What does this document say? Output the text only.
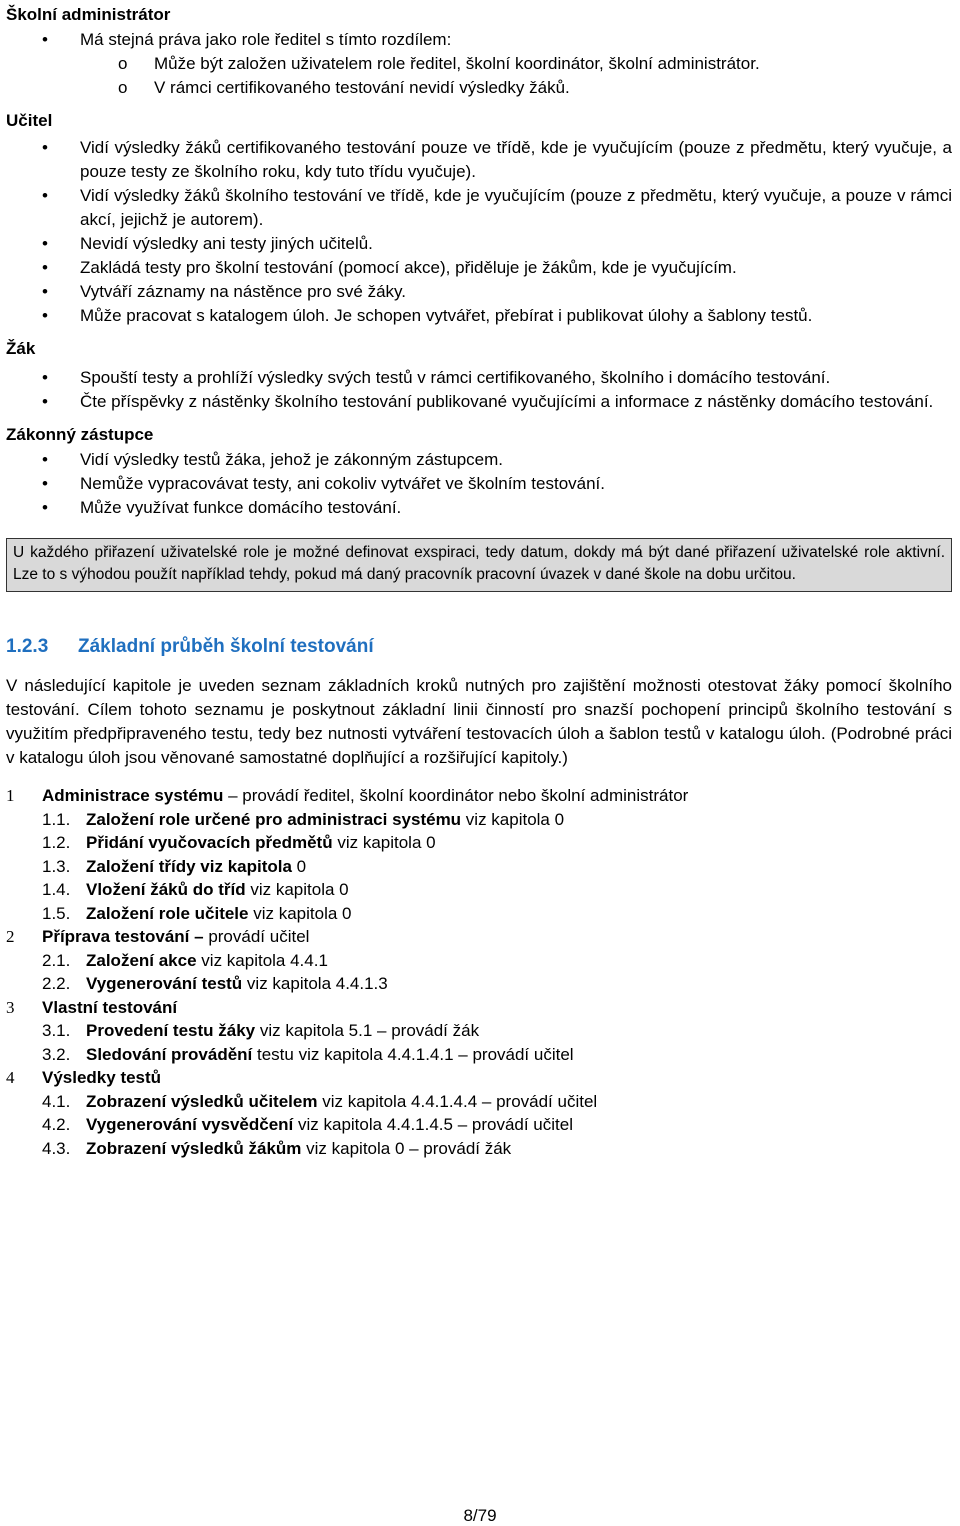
Školní administrátor
• Má stejná práva jako role ředitel s tímto rozdílem:
o Může být založen uživatelem role ředitel, školní koordinátor, školní administrátor.
o V rámci certifikovaného testování nevidí výsledky žáků.
Učitel
• Vidí výsledky žáků certifikovaného testování pouze ve třídě, kde je vyučujícím (pouze z předmětu, který vyučuje, a pouze testy ze školního roku, kdy tuto třídu vyučuje).
• Vidí výsledky žáků školního testování ve třídě, kde je vyučujícím (pouze z předmětu, který vyučuje, a pouze v rámci akcí, jejichž je autorem).
• Nevidí výsledky ani testy jiných učitelů.
• Zakládá testy pro školní testování (pomocí akce), přiděluje je žákům, kde je vyučujícím.
• Vytváří záznamy na nástěnce pro své žáky.
• Může pracovat s katalogem úloh. Je schopen vytvářet, přebírat i publikovat úlohy a šablony testů.
Žák
• Spouští testy a prohlíží výsledky svých testů v rámci certifikovaného, školního i domácího testování.
• Čte příspěvky z nástěnky školního testování publikované vyučujícími a informace z nástěnky domácího testování.
Zákonný zástupce
• Vidí výsledky testů žáka, jehož je zákonným zástupcem.
• Nemůže vypracovávat testy, ani cokoliv vytvářet ve školním testování.
• Může využívat funkce domácího testování.
U každého přiřazení uživatelské role je možné definovat exspiraci, tedy datum, dokdy má být dané přiřazení uživatelské role aktivní. Lze to s výhodou použít například tehdy, pokud má daný pracovník pracovní úvazek v dané škole na dobu určitou.
1.2.3 Základní průběh školní testování
V následující kapitole je uveden seznam základních kroků nutných pro zajištění možnosti otestovat žáky pomocí školního testování. Cílem tohoto seznamu je poskytnout základní linii činností pro snazší pochopení principů školního testování s využitím předpřipraveného testu, tedy bez nutnosti vytváření testovacích úloh a šablon testů v katalogu úloh. (Podrobné práci v katalogu úloh jsou věnované samostatné doplňující a rozšiřující kapitoly.)
1 Administrace systému – provádí ředitel, školní koordinátor nebo školní administrátor
1.1. Založení role určené pro administraci systému viz kapitola 0
1.2. Přidání vyučovacích předmětů viz kapitola 0
1.3. Založení třídy viz kapitola 0
1.4. Vložení žáků do tříd viz kapitola 0
1.5. Založení role učitele viz kapitola 0
2 Příprava testování – provádí učitel
2.1. Založení akce viz kapitola 4.4.1
2.2. Vygenerování testů viz kapitola 4.4.1.3
3 Vlastní testování
3.1. Provedení testu žáky viz kapitola 5.1 – provádí žák
3.2. Sledování provádění testu viz kapitola 4.4.1.4.1 – provádí učitel
4 Výsledky testů
4.1. Zobrazení výsledků učitelem viz kapitola 4.4.1.4.4 – provádí učitel
4.2. Vygenerování vysvědčení viz kapitola 4.4.1.4.5 – provádí učitel
4.3. Zobrazení výsledků žákům viz kapitola 0 – provádí žák
8/79
